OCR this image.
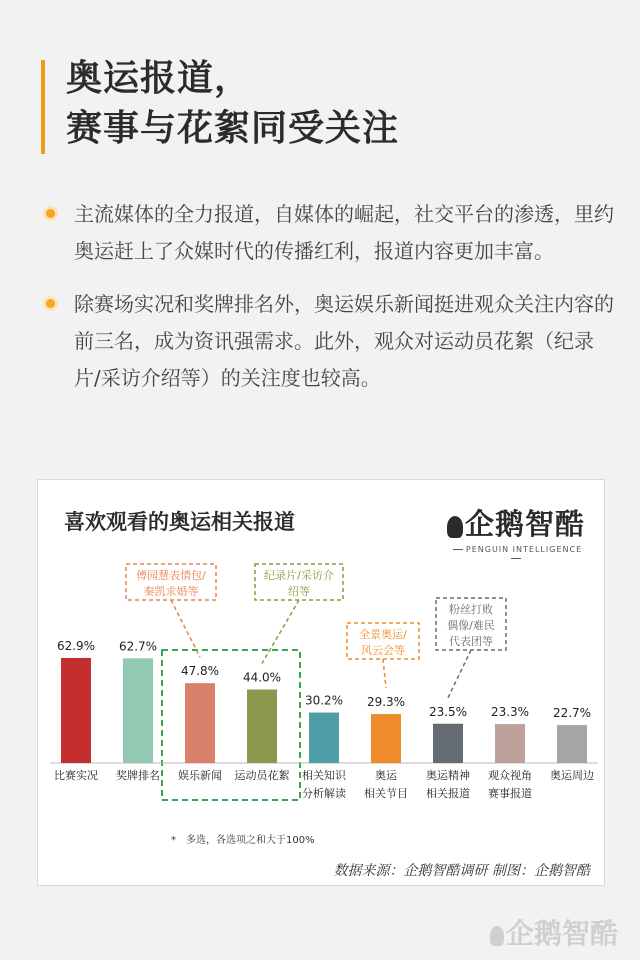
奥运报道，
赛事与花絮同受关注
主流媒体的全力报道，自媒体的崛起，社交平台的渗透，里约奥运赶上了众媒时代的传播红利，报道内容更加丰富。
除赛场实况和奖牌排名外，奥运娱乐新闻挺进观众关注内容的前三名，成为资讯强需求。此外，观众对运动员花絮（纪录片/采访介绍等）的关注度也较高。
62.9%
比赛实况
62.7%
奖牌排名
47.8%
娱乐新闻
44.0%
运动员花絮
30.2%
相关知识
分析解读
29.3%
奥运
相关节目
23.5%
奥运精神
相关报道
23.3%
观众视角
赛事报道
22.7%
奥运周边
傅园慧表情包/
秦凯求婚等
纪录片/采访介
绍等
全景奥运/
风云会等
粉丝打败
偶像/难民
代表团等
喜欢观看的奥运相关报道	企鹅智酷
PENGUIN INTELLIGENCE
*　多选，各选项之和大于100%
数据来源：企鹅智酷调研 制图：企鹅智酷
企鹅智酷
